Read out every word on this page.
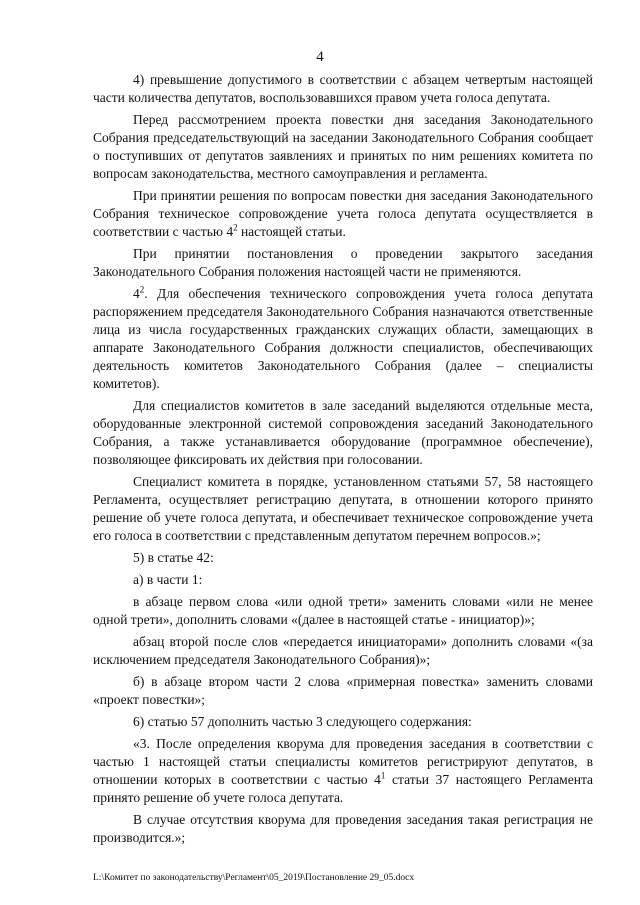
4

4) превышение допустимого в соответствии с абзацем четвертым настоящей части количества депутатов, воспользовавшихся правом учета голоса депутата.

Перед рассмотрением проекта повестки дня заседания Законодательного Собрания председательствующий на заседании Законодательного Собрания сообщает о поступивших от депутатов заявлениях и принятых по ним решениях комитета по вопросам законодательства, местного самоуправления и регламента.

При принятии решения по вопросам повестки дня заседания Законодательного Собрания техническое сопровождение учета голоса депутата осуществляется в соответствии с частью $4^2$ настоящей статьи.

При принятии постановления о проведении закрытого заседания Законодательного Собрания положения настоящей части не применяются.

$4^2$. Для обеспечения технического сопровождения учета голоса депутата распоряжением председателя Законодательного Собрания назначаются ответственные лица из числа государственных гражданских служащих области, замещающих в аппарате Законодательного Собрания должности специалистов, обеспечивающих деятельность комитетов Законодательного Собрания (далее – специалисты комитетов).

Для специалистов комитетов в зале заседаний выделяются отдельные места, оборудованные электронной системой сопровождения заседаний Законодательного Собрания, а также устанавливается оборудование (программное обеспечение), позволяющее фиксировать их действия при голосовании.

Специалист комитета в порядке, установленном статьями 57, 58 настоящего Регламента, осуществляет регистрацию депутата, в отношении которого принято решение об учете голоса депутата, и обеспечивает техническое сопровождение учета его голоса в соответствии с представленным депутатом перечнем вопросов.»;

5) в статье 42:

а) в части 1:

в абзаце первом слова «или одной трети» заменить словами «или не менее одной трети», дополнить словами «(далее в настоящей статье - инициатор)»;

абзац второй после слов «передается инициаторами» дополнить словами «(за исключением председателя Законодательного Собрания)»;

б) в абзаце втором части 2 слова «примерная повестка» заменить словами «проект повестки»;

6) статью 57 дополнить частью 3 следующего содержания:

«3. После определения кворума для проведения заседания в соответствии с частью 1 настоящей статьи специалисты комитетов регистрируют депутатов, в отношении которых в соответствии с частью $4^1$ статьи 37 настоящего Регламента принято решение об учете голоса депутата.

В случае отсутствия кворума для проведения заседания такая регистрация не производится.»;

L:\Комитет по законодательству\Регламент\05_2019\Постановление 29_05.docx
